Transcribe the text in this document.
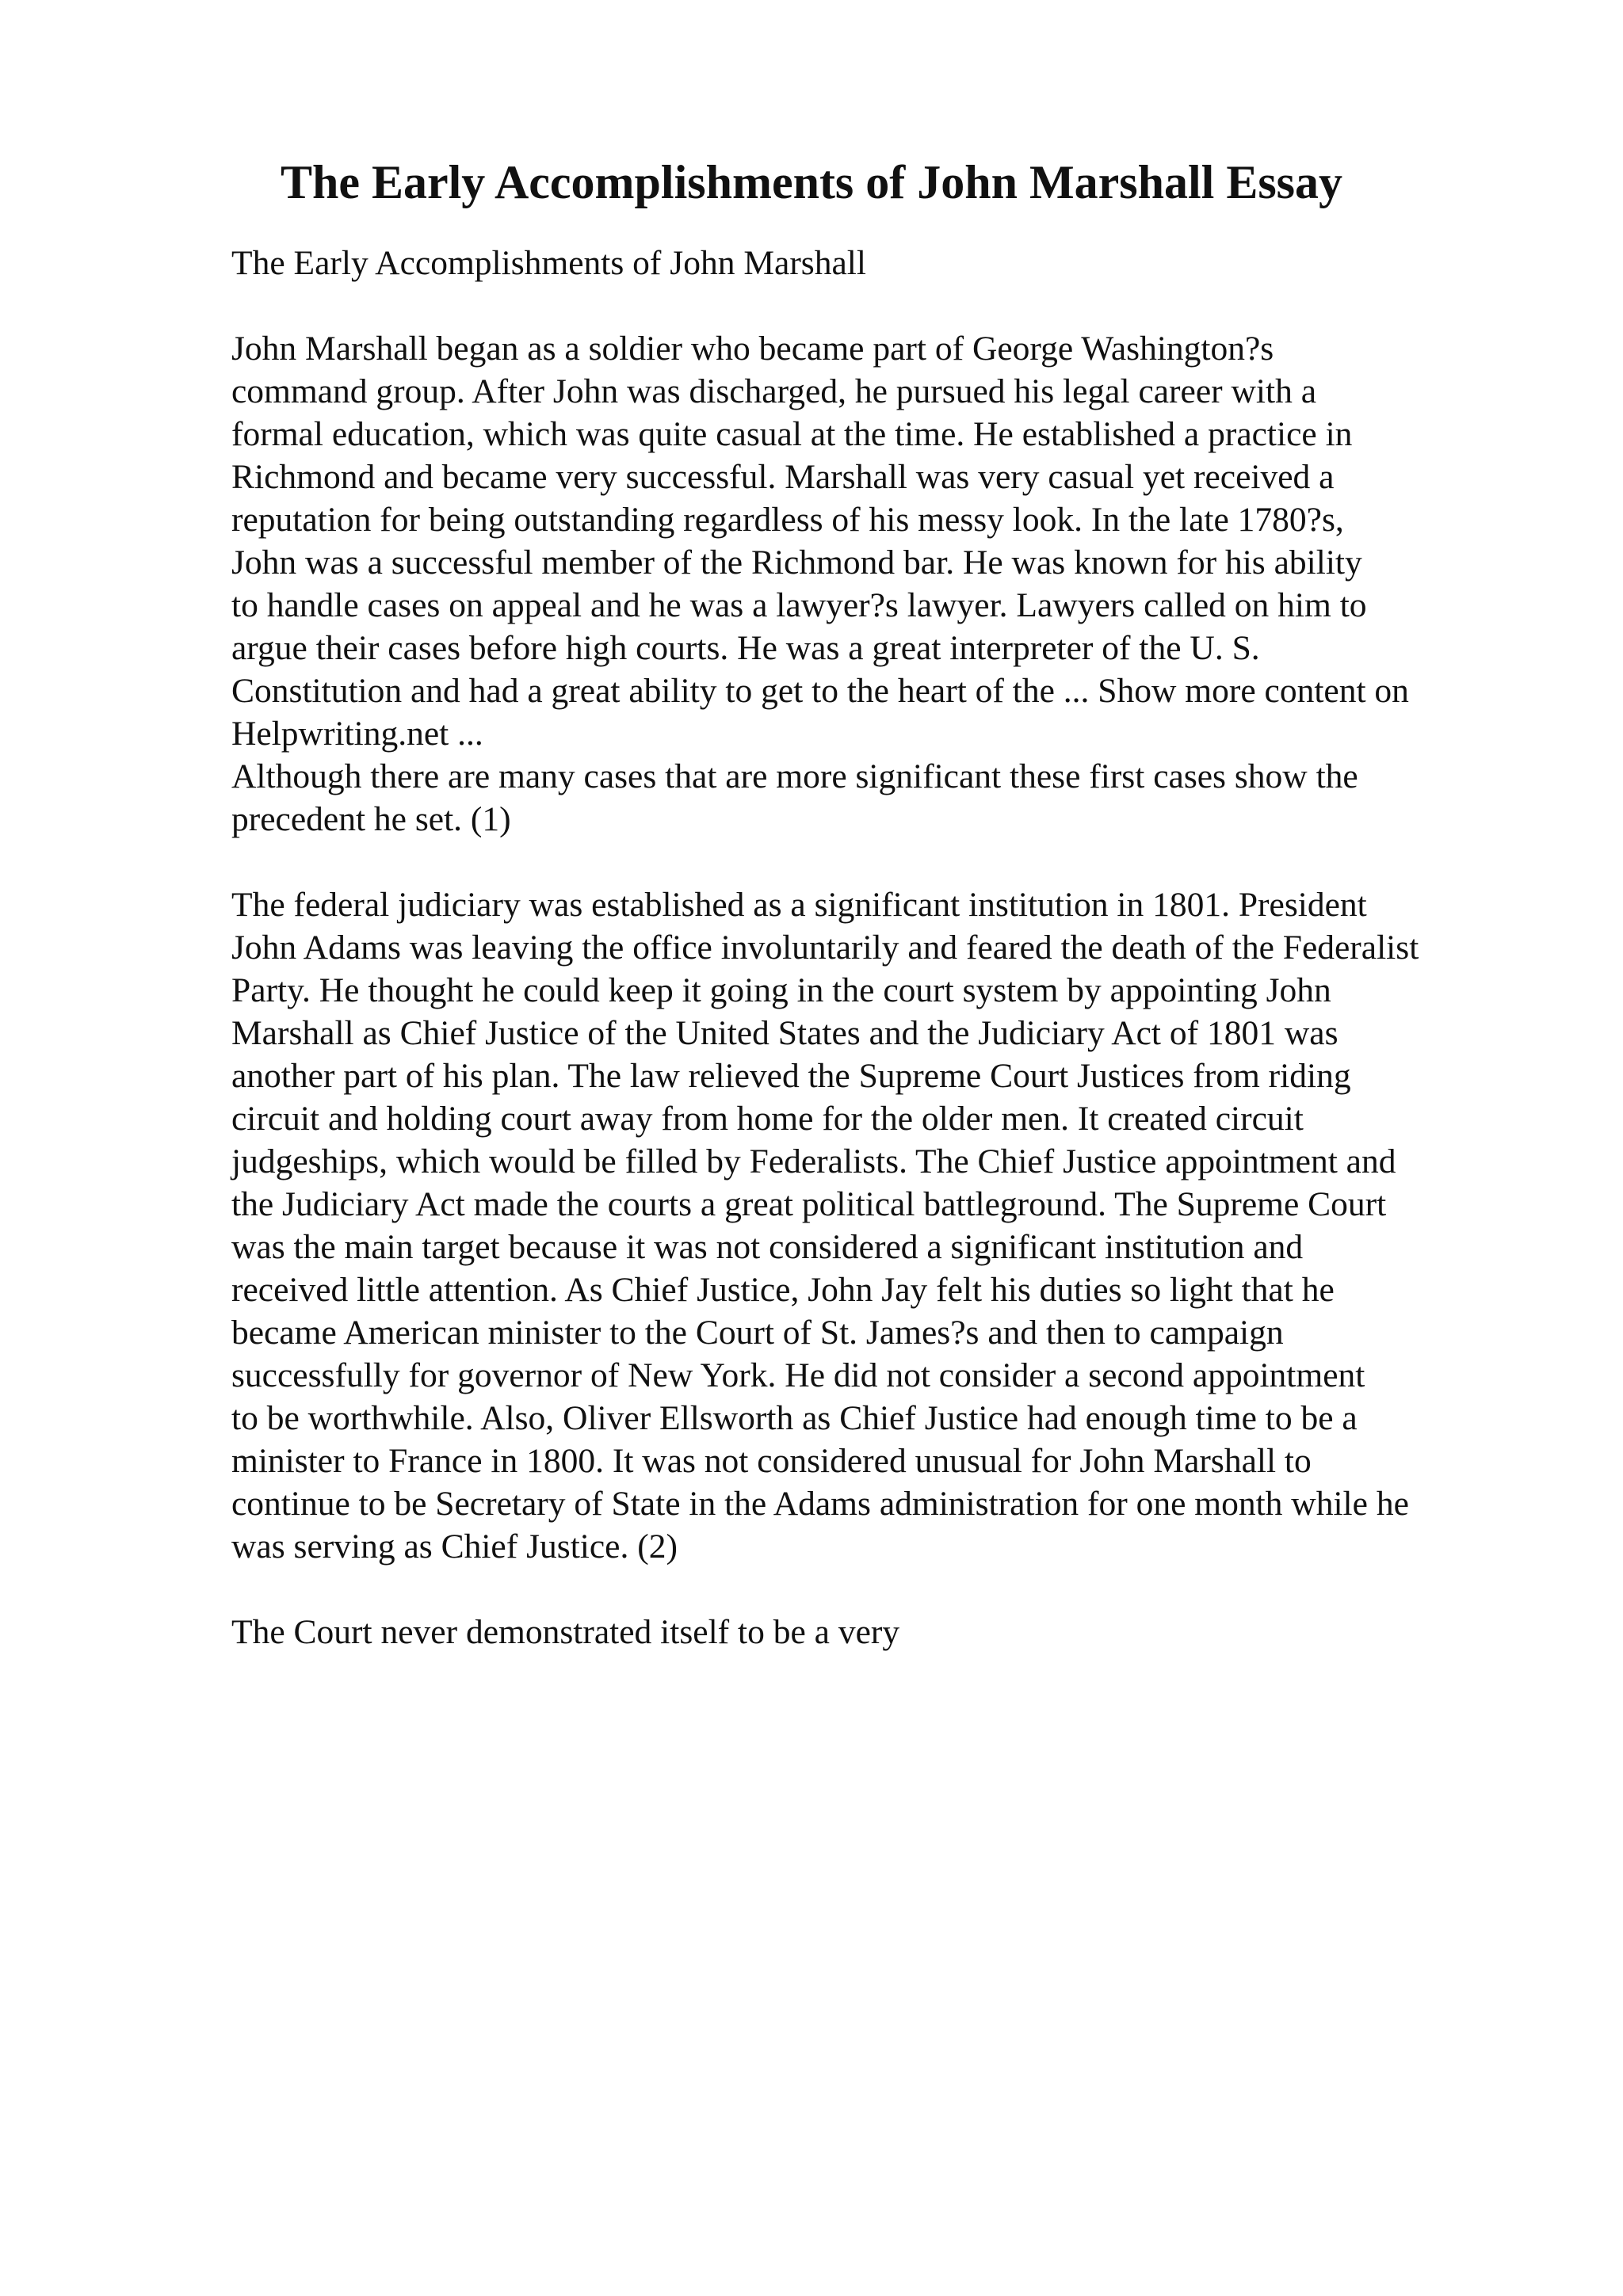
The Early Accomplishments of John Marshall Essay
The Early Accomplishments of John Marshall
John Marshall began as a soldier who became part of George Washington?s
command group. After John was discharged, he pursued his legal career with a
formal education, which was quite casual at the time. He established a practice in
Richmond and became very successful. Marshall was very casual yet received a
reputation for being outstanding regardless of his messy look. In the late 1780?s,
John was a successful member of the Richmond bar. He was known for his ability
to handle cases on appeal and he was a lawyer?s lawyer. Lawyers called on him to
argue their cases before high courts. He was a great interpreter of the U. S.
Constitution and had a great ability to get to the heart of the ... Show more content on
Helpwriting.net ...
Although there are many cases that are more significant these first cases show the
precedent he set. (1)
The federal judiciary was established as a significant institution in 1801. President
John Adams was leaving the office involuntarily and feared the death of the Federalist
Party. He thought he could keep it going in the court system by appointing John
Marshall as Chief Justice of the United States and the Judiciary Act of 1801 was
another part of his plan. The law relieved the Supreme Court Justices from riding
circuit and holding court away from home for the older men. It created circuit
judgeships, which would be filled by Federalists. The Chief Justice appointment and
the Judiciary Act made the courts a great political battleground. The Supreme Court
was the main target because it was not considered a significant institution and
received little attention. As Chief Justice, John Jay felt his duties so light that he
became American minister to the Court of St. James?s and then to campaign
successfully for governor of New York. He did not consider a second appointment
to be worthwhile. Also, Oliver Ellsworth as Chief Justice had enough time to be a
minister to France in 1800. It was not considered unusual for John Marshall to
continue to be Secretary of State in the Adams administration for one month while he
was serving as Chief Justice. (2)
The Court never demonstrated itself to be a very
